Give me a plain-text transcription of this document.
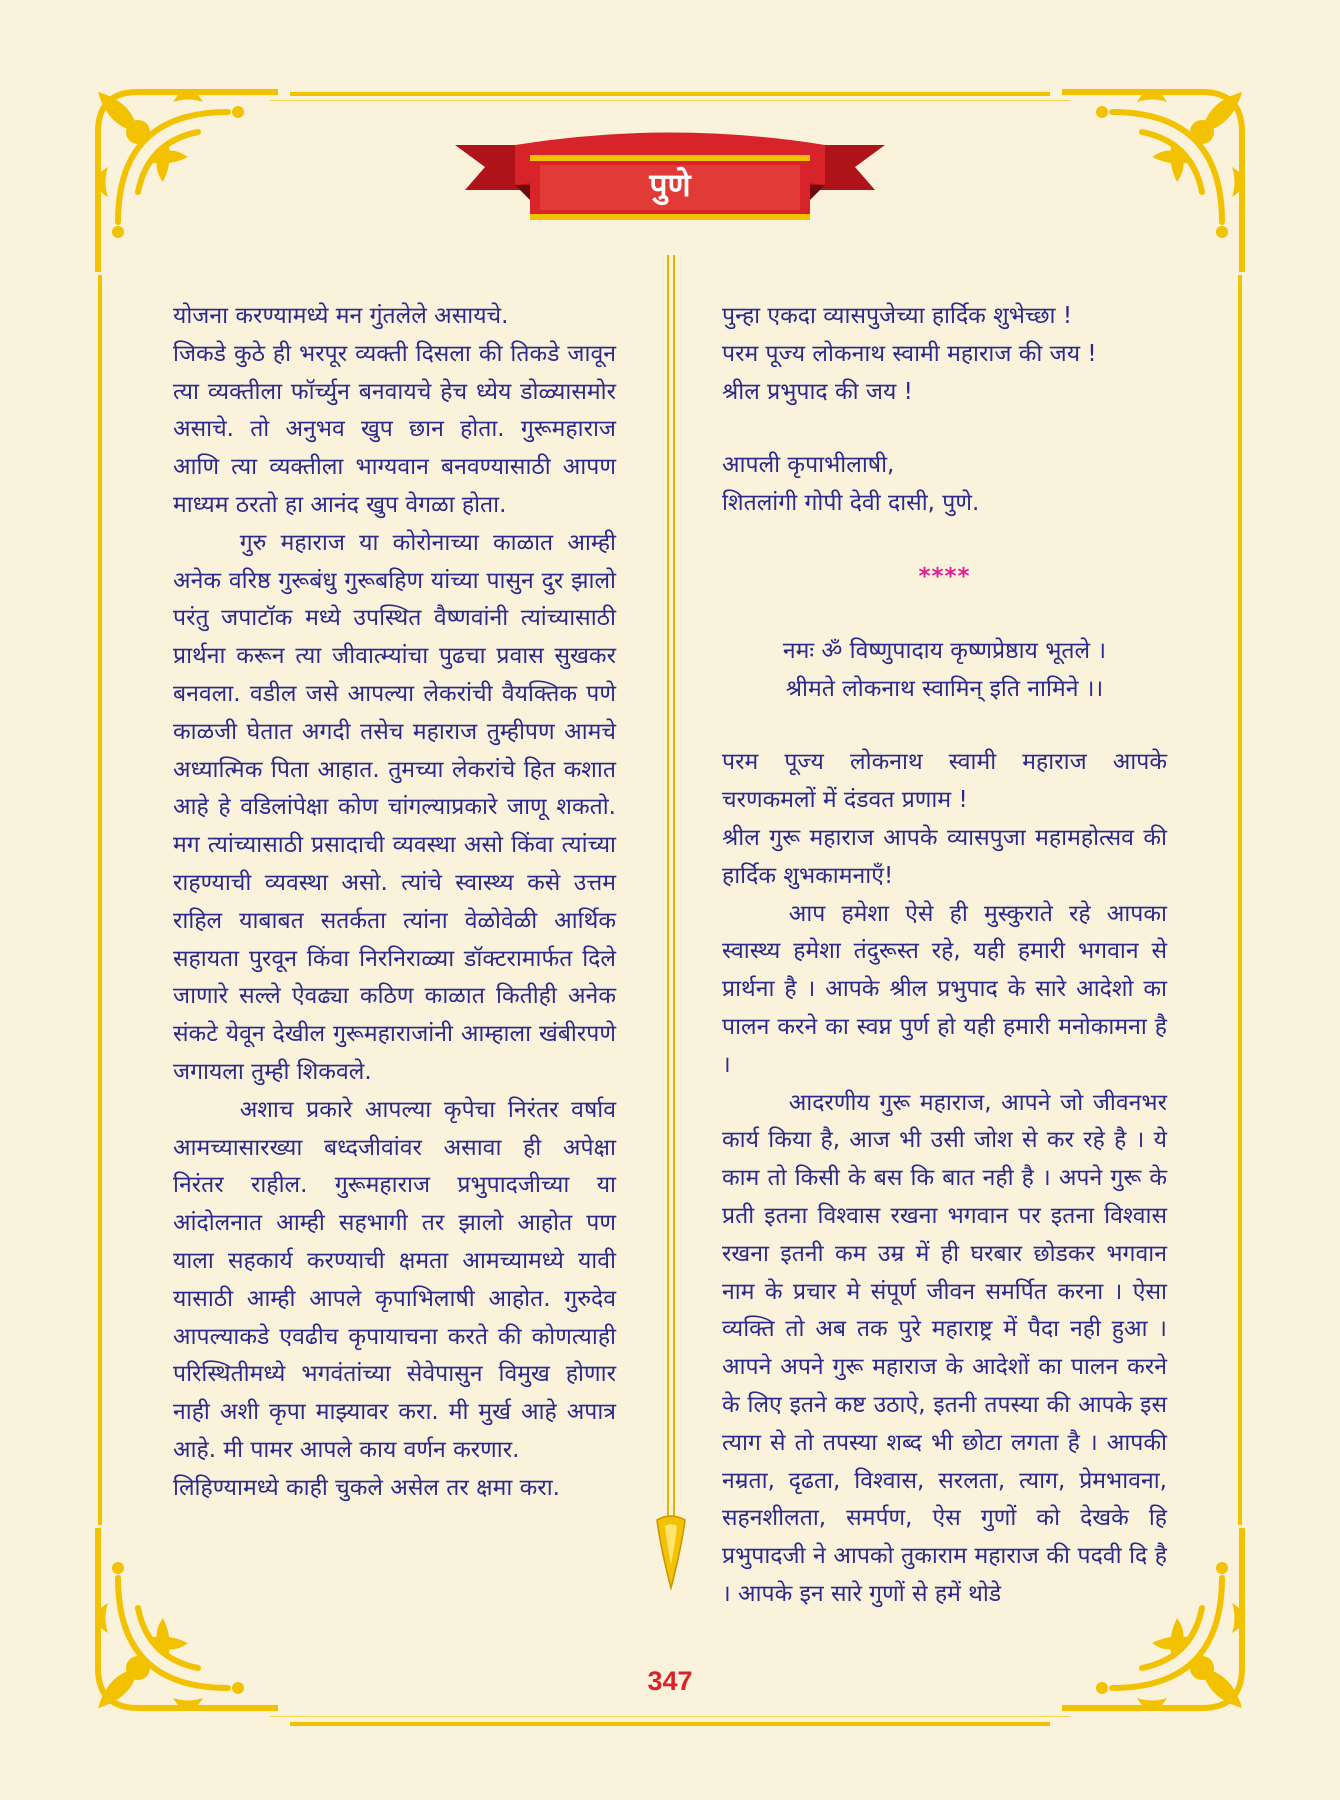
पुणे

योजना करण्यामध्ये मन गुंतलेले असायचे.

जिकडे कुठे ही भरपूर व्यक्ती दिसला की तिकडे जावून त्या व्यक्तीला फॉर्च्युन बनवायचे हेच ध्येय डोळ्यासमोर असाचे. तो अनुभव खुप छान होता. गुरूमहाराज आणि त्या व्यक्तीला भाग्यवान बनवण्यासाठी आपण माध्यम ठरतो हा आनंद खुप वेगळा होता.

गुरु महाराज या कोरोनाच्या काळात आम्ही अनेक वरिष्ठ गुरूबंधु गुरूबहिण यांच्या पासुन दुर झालो परंतु जपाटॉक मध्ये उपस्थित वैष्णवांनी त्यांच्यासाठी प्रार्थना करून त्या जीवात्म्यांचा पुढचा प्रवास सुखकर बनवला. वडील जसे आपल्या लेकरांची वैयक्तिक पणे काळजी घेतात अगदी तसेच महाराज तुम्हीपण आमचे अध्यात्मिक पिता आहात. तुमच्या लेकरांचे हित कशात आहे हे वडिलांपेक्षा कोण चांगल्याप्रकारे जाणू शकतो. मग त्यांच्यासाठी प्रसादाची व्यवस्था असो किंवा त्यांच्या राहण्याची व्यवस्था असो. त्यांचे स्वास्थ्य कसे उत्तम राहिल याबाबत सतर्कता त्यांना वेळोवेळी आर्थिक सहायता पुरवून किंवा निरनिराळ्या डॉक्टरामार्फत दिले जाणारे सल्ले ऐवढ्या कठिण काळात कितीही अनेक संकटे येवून देखील गुरूमहाराजांनी आम्हाला खंबीरपणे जगायला तुम्ही शिकवले.

अशाच प्रकारे आपल्या कृपेचा निरंतर वर्षाव आमच्यासारख्या बध्दजीवांवर असावा ही अपेक्षा निरंतर राहील. गुरूमहाराज प्रभुपादजीच्या या आंदोलनात आम्ही सहभागी तर झालो आहोत पण याला सहकार्य करण्याची क्षमता आमच्यामध्ये यावी यासाठी आम्ही आपले कृपाभिलाषी आहोत. गुरुदेव आपल्याकडे एवढीच कृपायाचना करते की कोणत्याही परिस्थितीमध्ये भगवंतांच्या सेवेपासुन विमुख होणार नाही अशी कृपा माझ्यावर करा. मी मुर्ख आहे अपात्र आहे. मी पामर आपले काय वर्णन करणार.

लिहिण्यामध्ये काही चुकले असेल तर क्षमा करा.

पुन्हा एकदा व्यासपुजेच्या हार्दिक शुभेच्छा !

परम पूज्य लोकनाथ स्वामी महाराज की जय !

श्रील प्रभुपाद की जय !

आपली कृपाभीलाषी,

शितलांगी गोपी देवी दासी, पुणे.

****

नमः ॐ विष्णुपादाय कृष्णप्रेष्ठाय भूतले ।

श्रीमते लोकनाथ स्वामिन् इति नामिने ।।

परम पूज्य लोकनाथ स्वामी महाराज आपके चरणकमलों में दंडवत प्रणाम !

श्रील गुरू महाराज आपके व्यासपुजा महामहोत्सव की हार्दिक शुभकामनाएँ!

आप हमेशा ऐसे ही मुस्कुराते रहे आपका स्वास्थ्य हमेशा तंदुरूस्त रहे, यही हमारी भगवान से प्रार्थना है । आपके श्रील प्रभुपाद के सारे आदेशो का पालन करने का स्वप्न पुर्ण हो यही हमारी मनोकामना है ।

आदरणीय गुरू महाराज, आपने जो जीवनभर कार्य किया है, आज भी उसी जोश से कर रहे है । ये काम तो किसी के बस कि बात नही है । अपने गुरू के प्रती इतना विश्वास रखना भगवान पर इतना विश्वास रखना इतनी कम उम्र में ही घरबार छोडकर भगवान नाम के प्रचार मे संपूर्ण जीवन समर्पित करना । ऐसा व्यक्ति तो अब तक पुरे महाराष्ट्र में पैदा नही हुआ । आपने अपने गुरू महाराज के आदेशों का पालन करने के लिए इतने कष्ट उठाऐ, इतनी तपस्या की आपके इस त्याग से तो तपस्या शब्द भी छोटा लगता है । आपकी नम्रता, दृढता, विश्वास, सरलता, त्याग, प्रेमभावना, सहनशीलता, समर्पण, ऐस गुणों को देखके हि प्रभुपादजी ने आपको तुकाराम महाराज की पदवी दि है । आपके इन सारे गुणों से हमें थोडे

347
